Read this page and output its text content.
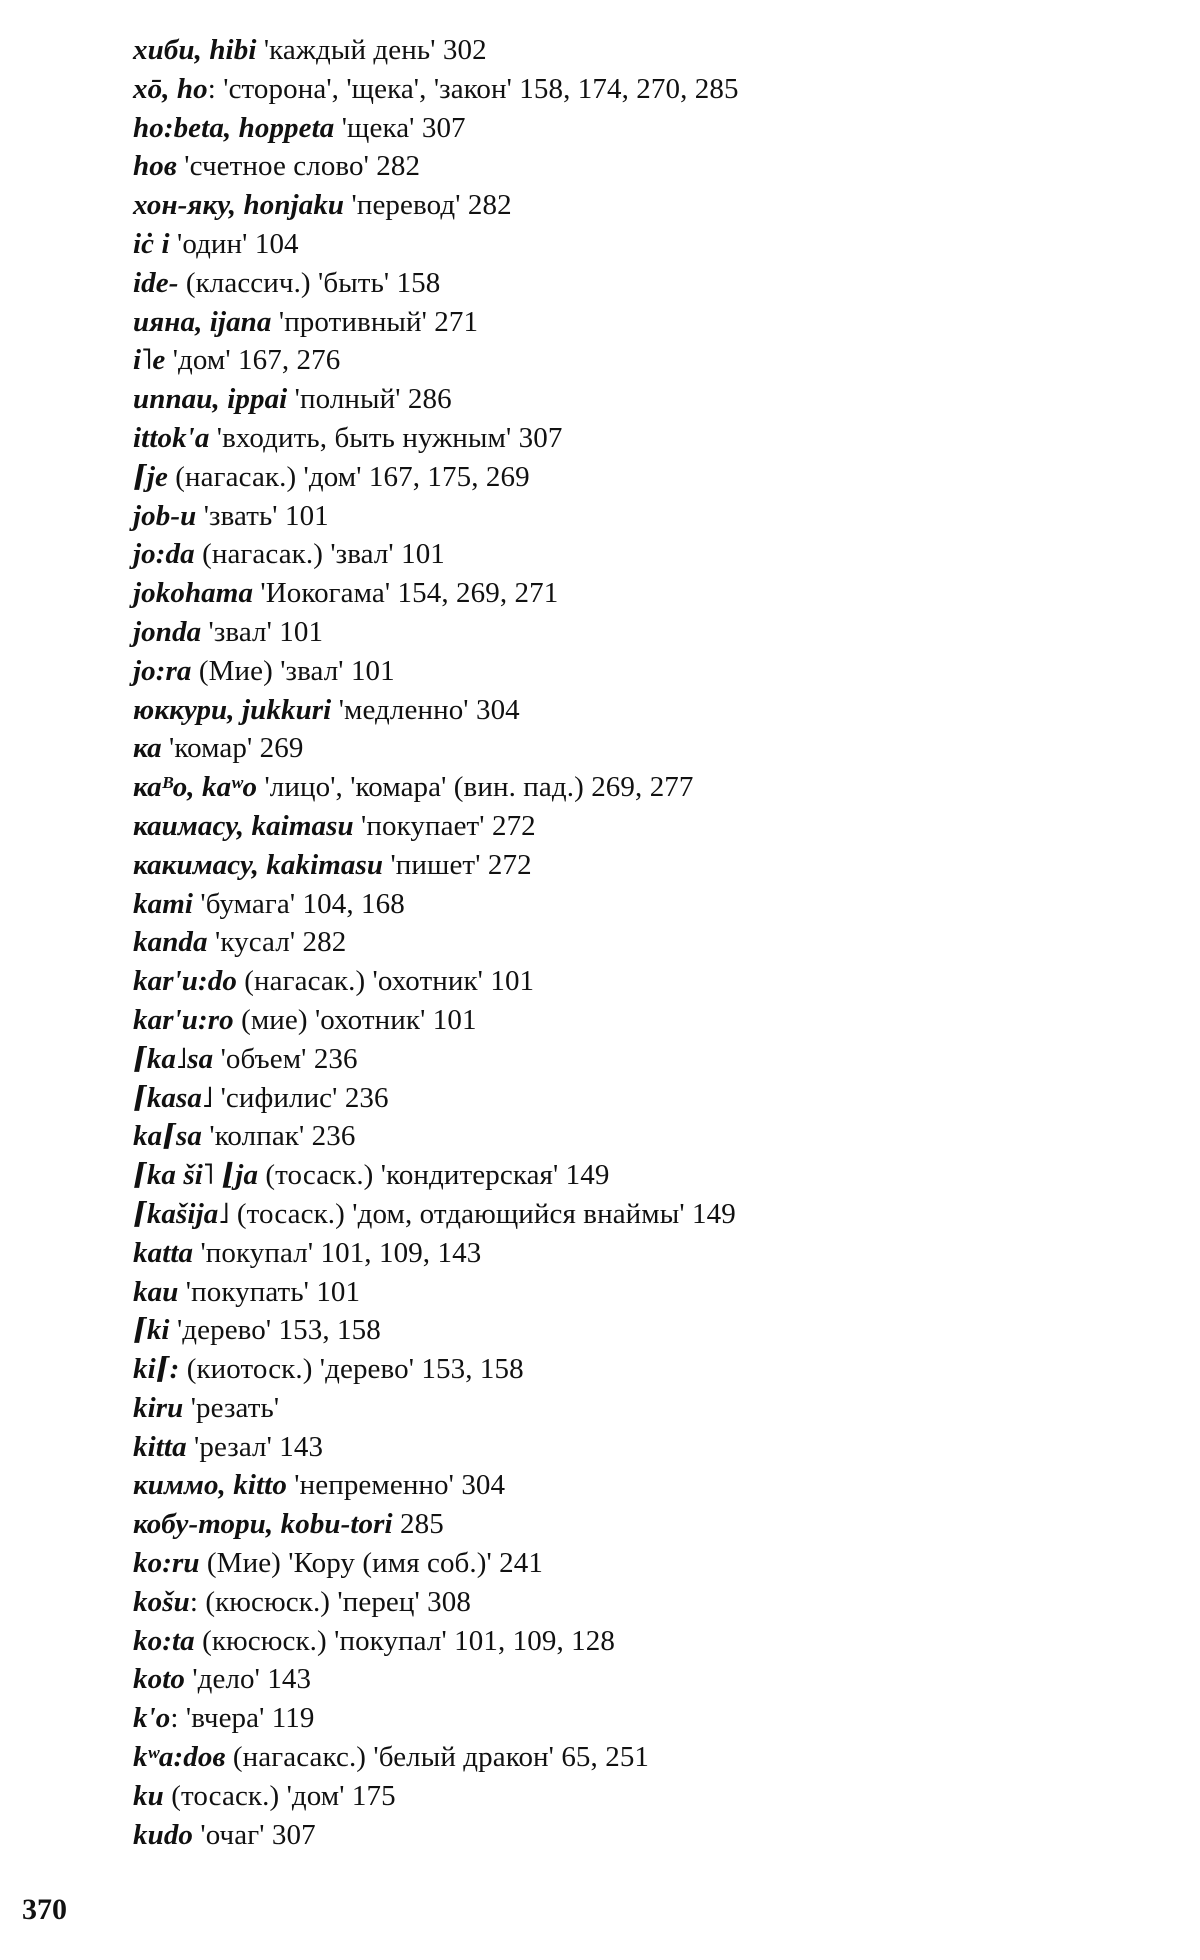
хиби, hibi 'каждый день' 302
хō, ho: 'сторона', 'щека', 'закон' 158, 174, 270, 285
ho:beta, hoppeta 'щека' 307
hoв 'счетное слово' 282
хон-яку, honjaku 'перевод' 282
iċ i 'один' 104
ide- (классич.) 'быть' 158
ияна, ijana 'противный' 271
i˥e 'дом' 167, 276
иппаи, ippai 'полный' 286
ittok'a 'входить, быть нужным' 307
⌈je (нагасак.) 'дом' 167, 175, 269
job-u 'звать' 101
jo:da (нагасак.) 'звал' 101
jokohama 'Иокогама' 154, 269, 271
jonda 'звал' 101
jo:ra (Мие) 'звал' 101
юккури, jukkuri 'медленно' 304
ка 'комар' 269
каᴮо, kaʷo 'лицо', 'комара' (вин. пад.) 269, 277
каимасу, kaimasu 'покупает' 272
какимасу, kakimasu 'пишет' 272
kami 'бумага' 104, 168
kanda 'кусал' 282
kar'u:do (нагасак.) 'охотник' 101
kar'u:ro (мие) 'охотник' 101
⌈ka˩sa 'объем' 236
⌈kasa˩ 'сифилис' 236
ka⌈sa 'колпак' 236
⌈ka ši˥ ⌊ja (тосаск.) 'кондитерская' 149
⌈kašija˩ (тосаск.) 'дом, отдающийся внаймы' 149
katta 'покупал' 101, 109, 143
kau 'покупать' 101
⌈ki 'дерево' 153, 158
ki⌈: (киотоск.) 'дерево' 153, 158
kiru 'резать'
kitta 'резал' 143
киммо, kitto 'непременно' 304
кобу-тори, kobu-tori 285
ko:ru (Мие) 'Кору (имя соб.)' 241
košu: (кюсюск.) 'перец' 308
ko:ta (кюсюск.) 'покупал' 101, 109, 128
koto 'дело' 143
k'o: 'вчера' 119
kʷa:doв (нагасакс.) 'белый дракон' 65, 251
ku (тосаск.) 'дом' 175
kudo 'очаг' 307
370
